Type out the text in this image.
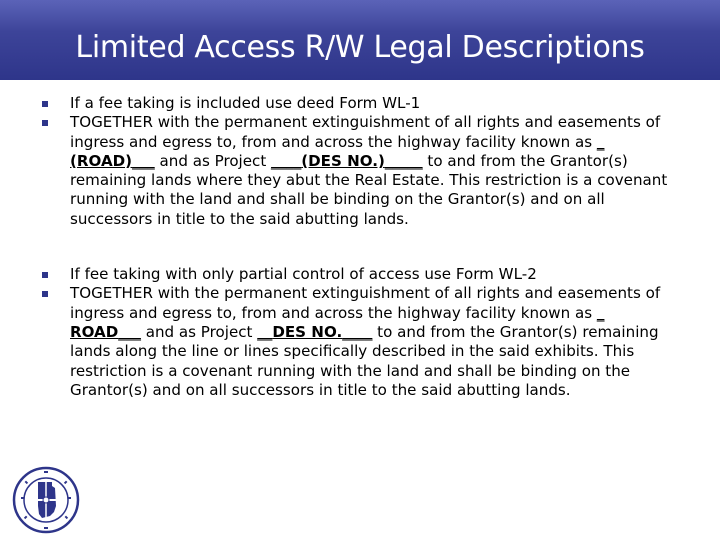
Limited Access R/W Legal Descriptions
If a fee taking is included use deed Form WL-1
TOGETHER with the permanent extinguishment of all rights and easements of ingress and egress to, from and across the highway facility known as _ (ROAD)___ and as Project ____(DES NO.)_____ to and from the Grantor(s) remaining lands where they abut the Real Estate. This restriction is a covenant running with the land and shall be binding on the Grantor(s) and on all successors in title to the said abutting lands.
If fee taking with only partial control of access use Form WL-2
TOGETHER with the permanent extinguishment of all rights and easements of ingress and egress to, from and across the highway facility known as _ ROAD___ and as Project __DES NO.____ to and from the Grantor(s) remaining lands along the line or lines specifically described in the said exhibits. This restriction is a covenant running with the land and shall be binding on the Grantor(s) and on all successors in title to the said abutting lands.
